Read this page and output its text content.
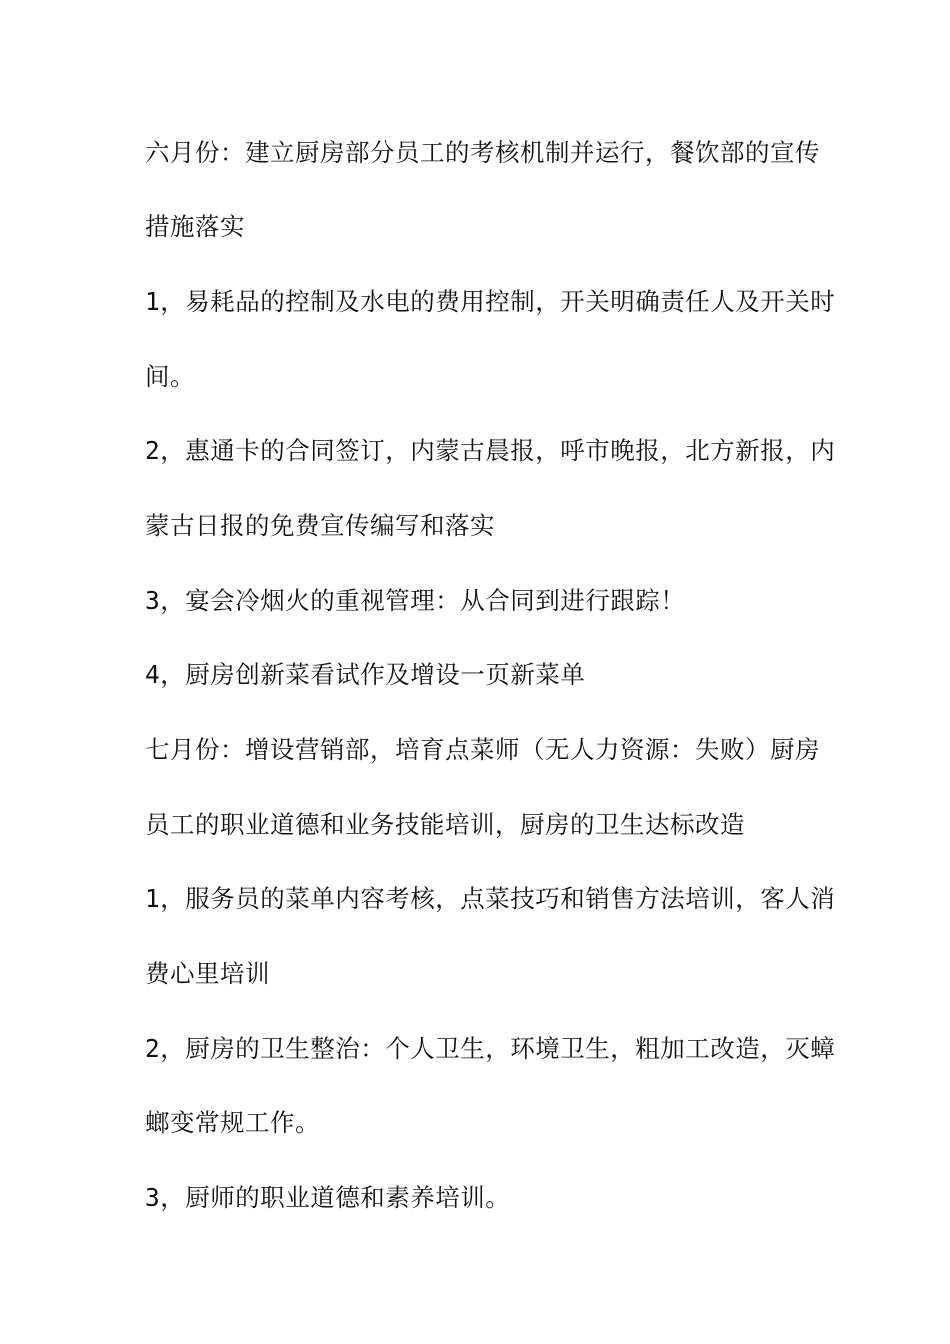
六月份：建立厨房部分员工的考核机制并运行，餐饮部的宣传
措施落实
1，易耗品的控制及水电的费用控制，开关明确责任人及开关时
间。
2，惠通卡的合同签订，内蒙古晨报，呼市晚报，北方新报，内
蒙古日报的免费宣传编写和落实
3，宴会冷烟火的重视管理：从合同到进行跟踪！
4，厨房创新菜看试作及增设一页新菜单
七月份：增设营销部，培育点菜师（无人力资源：失败）厨房
员工的职业道德和业务技能培训，厨房的卫生达标改造
1，服务员的菜单内容考核，点菜技巧和销售方法培训，客人消
费心里培训
2，厨房的卫生整治：个人卫生，环境卫生，粗加工改造，灭蟑
螂变常规工作。
3，厨师的职业道德和素养培训。
